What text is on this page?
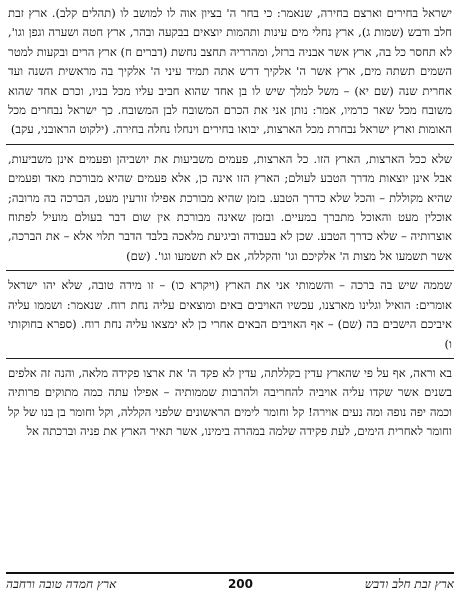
ישראל בחירים וארצם בחירה, שנאמר: כי בחר ה' בציון אוה לו למושב לו (תהלים קלב). ארץ זבת חלב ודבש (שמות ג), ארץ נחלי מים עינות ותהמות יוצאים בבקעה ובהר, ארץ חטה ושערה וגפן וגו', לא תחסר כל בה, ארץ אשר אבניה ברזל, ומהרריה תחצב נחשת (דברים ח) ארץ הרים ובקעות למטר השמים תשתה מים, ארץ אשר ה' אלקיך דרש אתה תמיד עיני ה' אלקיך בה מראשית השנה ועד אחרית שנה (שם יא) – משל למלך שיש לו בן אחד שהוא חביב עליו מכל בניו, וכרם אחד שהוא משובח מכל שאר כרמיו, אמר: נותן אני את הכרם המשובח לבן המשובח. כך ישראל נבחרים מכל האומות וארץ ישראל נבחרת מכל הארצות, יבואו בחירים וינחלו נחלה בחירה. (ילקוט הראובני, עקב)

שלא ככל הארצות, הארץ הזו. כל הארצות, פעמים משביעות את יושביהן ופעמים אינן משביעות, אבל אינן יוצאות מדרך הטבע לעולם; הארץ הזו אינה כן, אלא פעמים שהיא מבורכת מאד ופעמים שהיא מקוללת – והכל שלא כדרך הטבע. בזמן שהיא מבורכת אפילו זורעין מעט, הברכה בה מרובה; אוכלין מעט והאוכל מתברך במעיים. ובזמן שאינה מבורכת אין שום דבר בעולם מועיל לפתוח אוצרותיה – שלא כדרך הטבע. שכן לא בעבודה וביגיעת מלאכה בלבד הדבר תלוי אלא – את הברכה, אשר תשמעו אל מצות ה' אלקיכם וגו' והקללה, אם לא תשמעו וגו'. (שם)

שממה שיש בה ברכה – והשמותי אני את הארץ (ויקרא כו) – זו מידה טובה, שלא יהו ישראל אומרים: הואיל וגלינו מארצנו, עכשיו האויבים באים ומוצאים עליה נחת רוח. שנאמר: ושממו עליה איביכם הישבים בה (שם) – אף האויבים הבאים אחרי כן לא ימצאו עליה נחת רוח. (ספרא בחוקותי ו)

בא וראה, אף על פי שהארץ עדין בקללתה, עדין לא פקד ה' את ארצו פקידה מלאה, והנה זה אלפים בשנים אשר שקדו עליה אויביה להחריבה ולהרבות שממותיה – אפילו עתה כמה מתוקים פרותיה וכמה יפה נופה ומה נעים אוירה! קל וחומר לימים הראשונים שלפני הקללה, וקל וחומר בן בנו של קל וחומר לאחרית הימים, לעת פקידה שלמה במהרה בימינו, אשר תאיר הארץ את פניה וברכתה אל

ארץ זבת חלב ודבש
200
ארץ חמדה טובה ורחבה
